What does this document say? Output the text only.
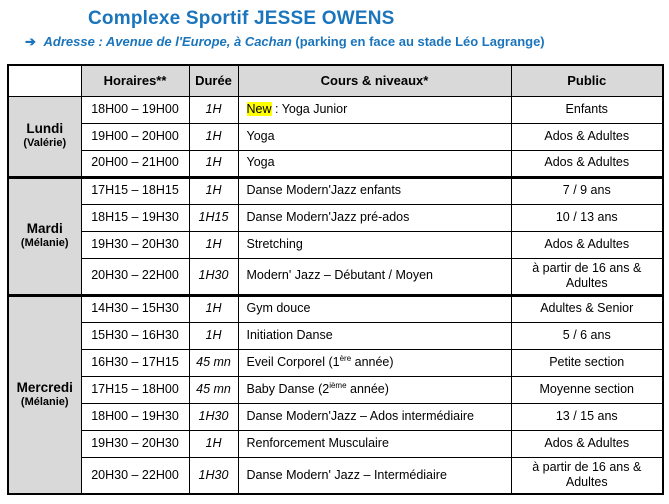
Complexe Sportif JESSE OWENS
➔ Adresse : Avenue de l'Europe, à Cachan (parking en face au stade Léo Lagrange)
	Horaires**	Durée	Cours & niveaux*	Public

Lundi
(Valérie)	18H00 – 19H00	1H	New : Yoga Junior	Enfants
	19H00 – 20H00	1H	Yoga	Ados & Adultes
	20H00 – 21H00	1H	Yoga	Ados & Adultes

Mardi
(Mélanie)	17H15 – 18H15	1H	Danse Modern'Jazz enfants	7 / 9 ans
	18H15 – 19H30	1H15	Danse Modern'Jazz pré-ados	10 / 13 ans
	19H30 – 20H30	1H	Stretching	Ados & Adultes
	20H30 – 22H00	1H30	Modern' Jazz – Débutant / Moyen	à partir de 16 ans & Adultes

Mercredi
(Mélanie)	14H30 – 15H30	1H	Gym douce	Adultes & Senior
	15H30 – 16H30	1H	Initiation Danse	5 / 6 ans
	16H30 – 17H15	45 mn	Eveil Corporel (1ère année)	Petite section
	17H15 – 18H00	45 mn	Baby Danse (2ième année)	Moyenne section
	18H00 – 19H30	1H30	Danse Modern'Jazz – Ados intermédiaire	13 / 15 ans
	19H30 – 20H30	1H	Renforcement Musculaire	Ados & Adultes
	20H30 – 22H00	1H30	Danse Modern' Jazz – Intermédiaire	à partir de 16 ans & Adultes
